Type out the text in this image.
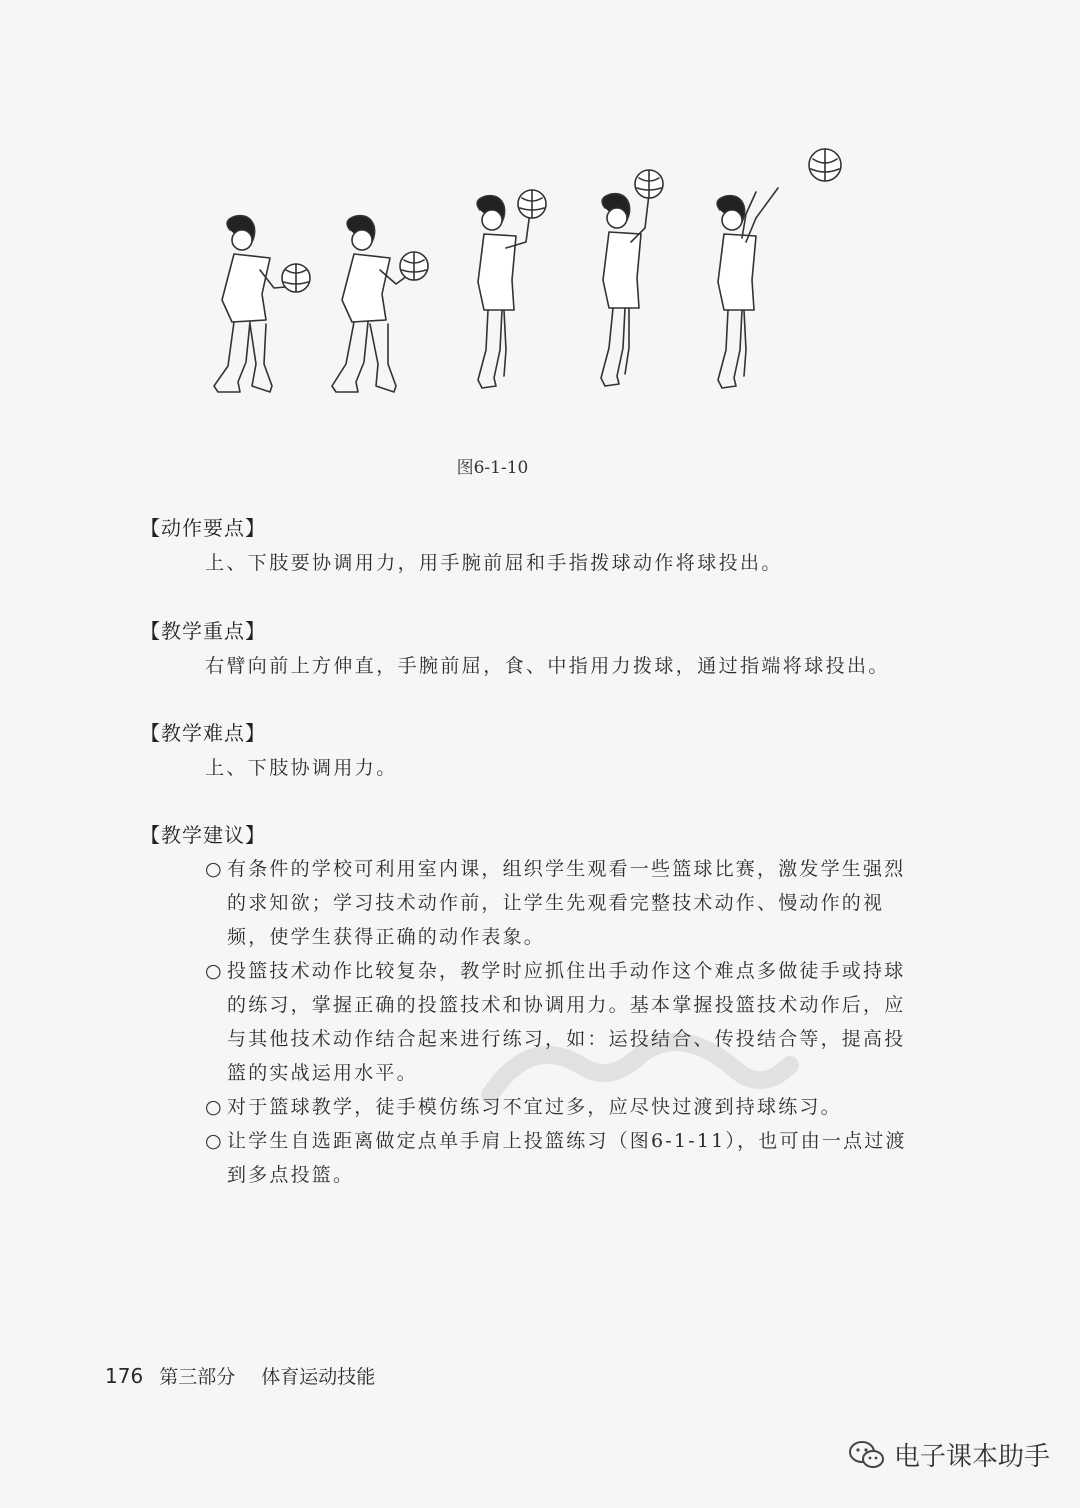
图6-1-10
【动作要点】
上、下肢要协调用力，用手腕前屈和手指拨球动作将球投出。
【教学重点】
右臂向前上方伸直，手腕前屈，食、中指用力拨球，通过指端将球投出。
【教学难点】
上、下肢协调用力。
【教学建议】

○ 有条件的学校可利用室内课，组织学生观看一些篮球比赛，激发学生强烈的求知欲；学习技术动作前，让学生先观看完整技术动作、慢动作的视频，使学生获得正确的动作表象。

○ 投篮技术动作比较复杂，教学时应抓住出手动作这个难点多做徒手或持球的练习，掌握正确的投篮技术和协调用力。基本掌握投篮技术动作后，应与其他技术动作结合起来进行练习，如：运投结合、传投结合等，提高投篮的实战运用水平。

○ 对于篮球教学，徒手模仿练习不宜过多，应尽快过渡到持球练习。

○ 让学生自选距离做定点单手肩上投篮练习（图6-1-11），也可由一点过渡到多点投篮。

176 第三部分 体育运动技能
电子课本助手
